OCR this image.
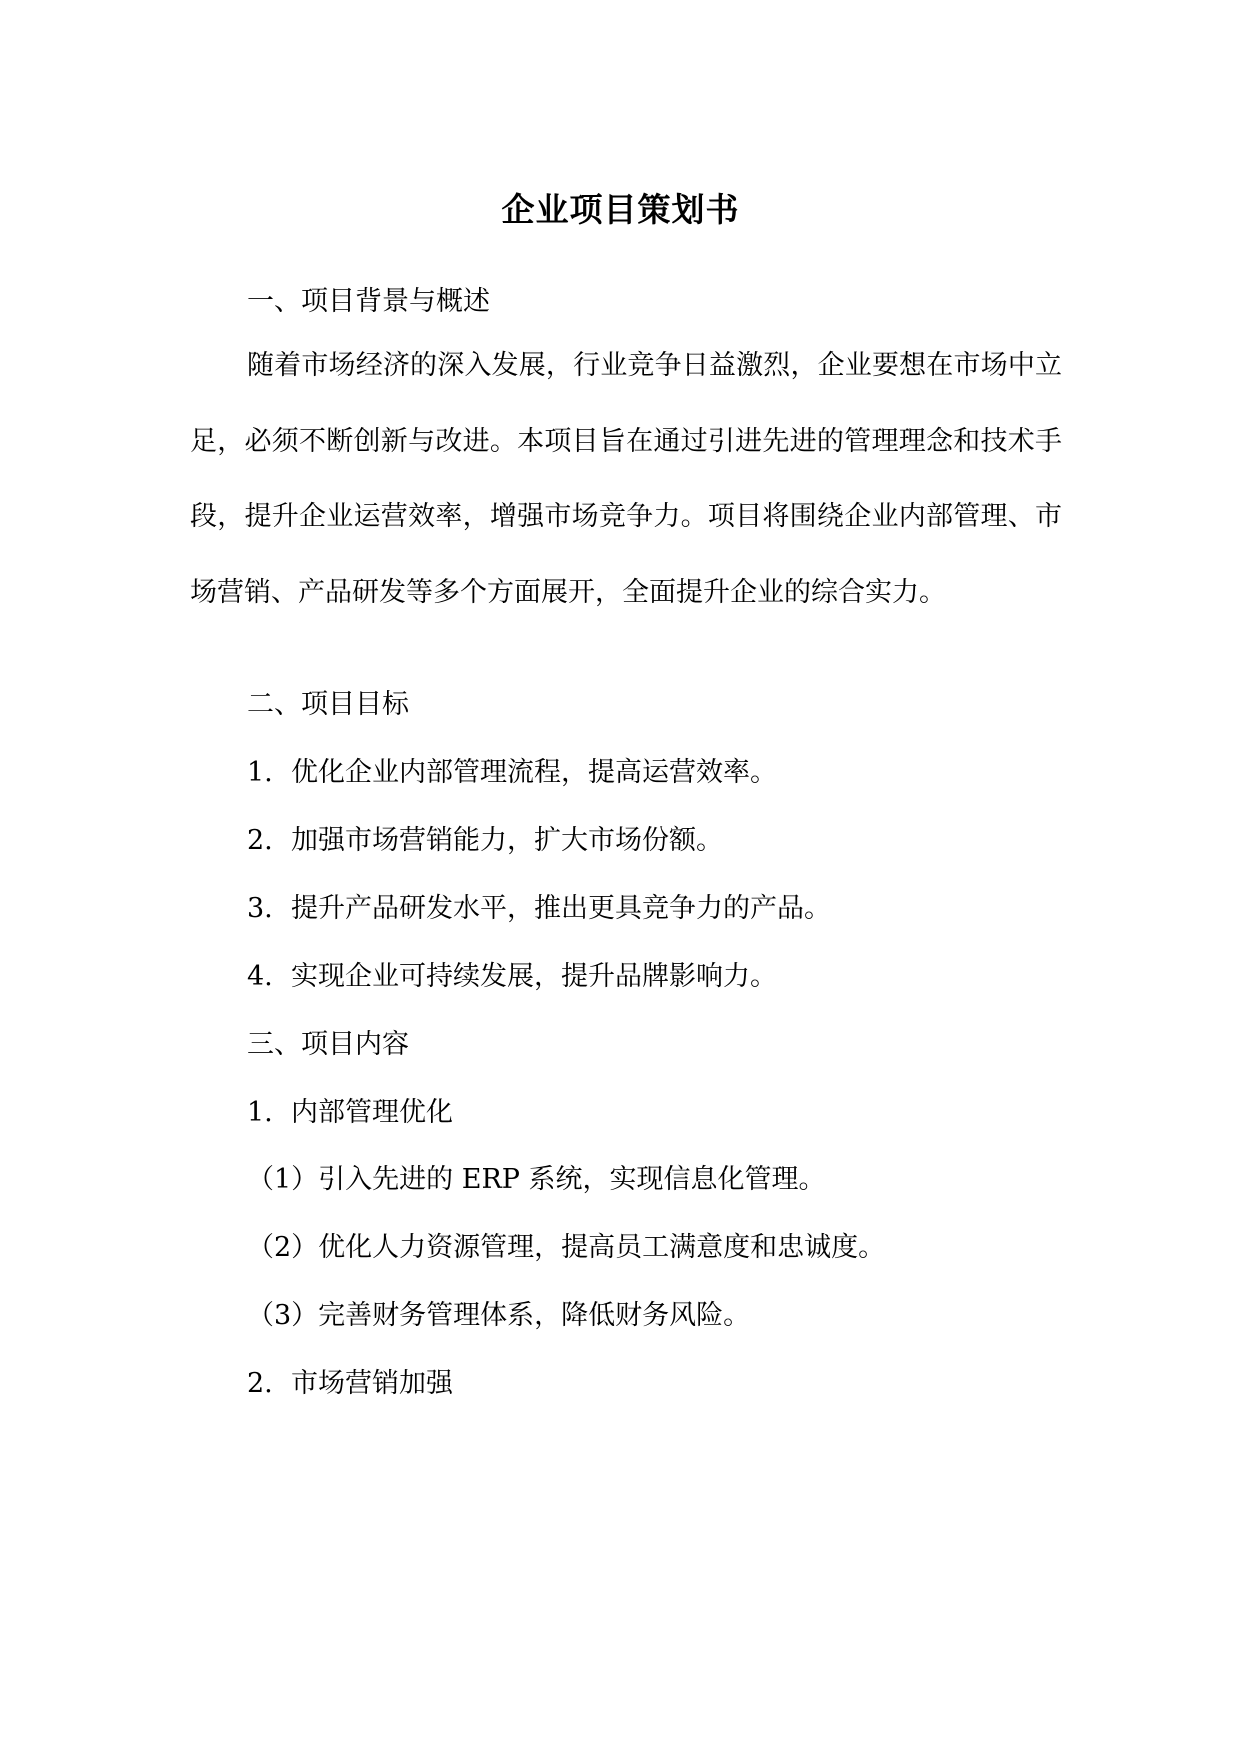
企业项目策划书
一、项目背景与概述

随着市场经济的深入发展，行业竞争日益激烈，企业要想在市场中立足，必须不断创新与改进。本项目旨在通过引进先进的管理理念和技术手段，提升企业运营效率，增强市场竞争力。项目将围绕企业内部管理、市场营销、产品研发等多个方面展开，全面提升企业的综合实力。

二、项目目标
1. 优化企业内部管理流程，提高运营效率。
2. 加强市场营销能力，扩大市场份额。
3. 提升产品研发水平，推出更具竞争力的产品。
4. 实现企业可持续发展，提升品牌影响力。
三、项目内容
1. 内部管理优化
（1）引入先进的 ERP 系统，实现信息化管理。
（2）优化人力资源管理，提高员工满意度和忠诚度。
（3）完善财务管理体系，降低财务风险。
2. 市场营销加强
